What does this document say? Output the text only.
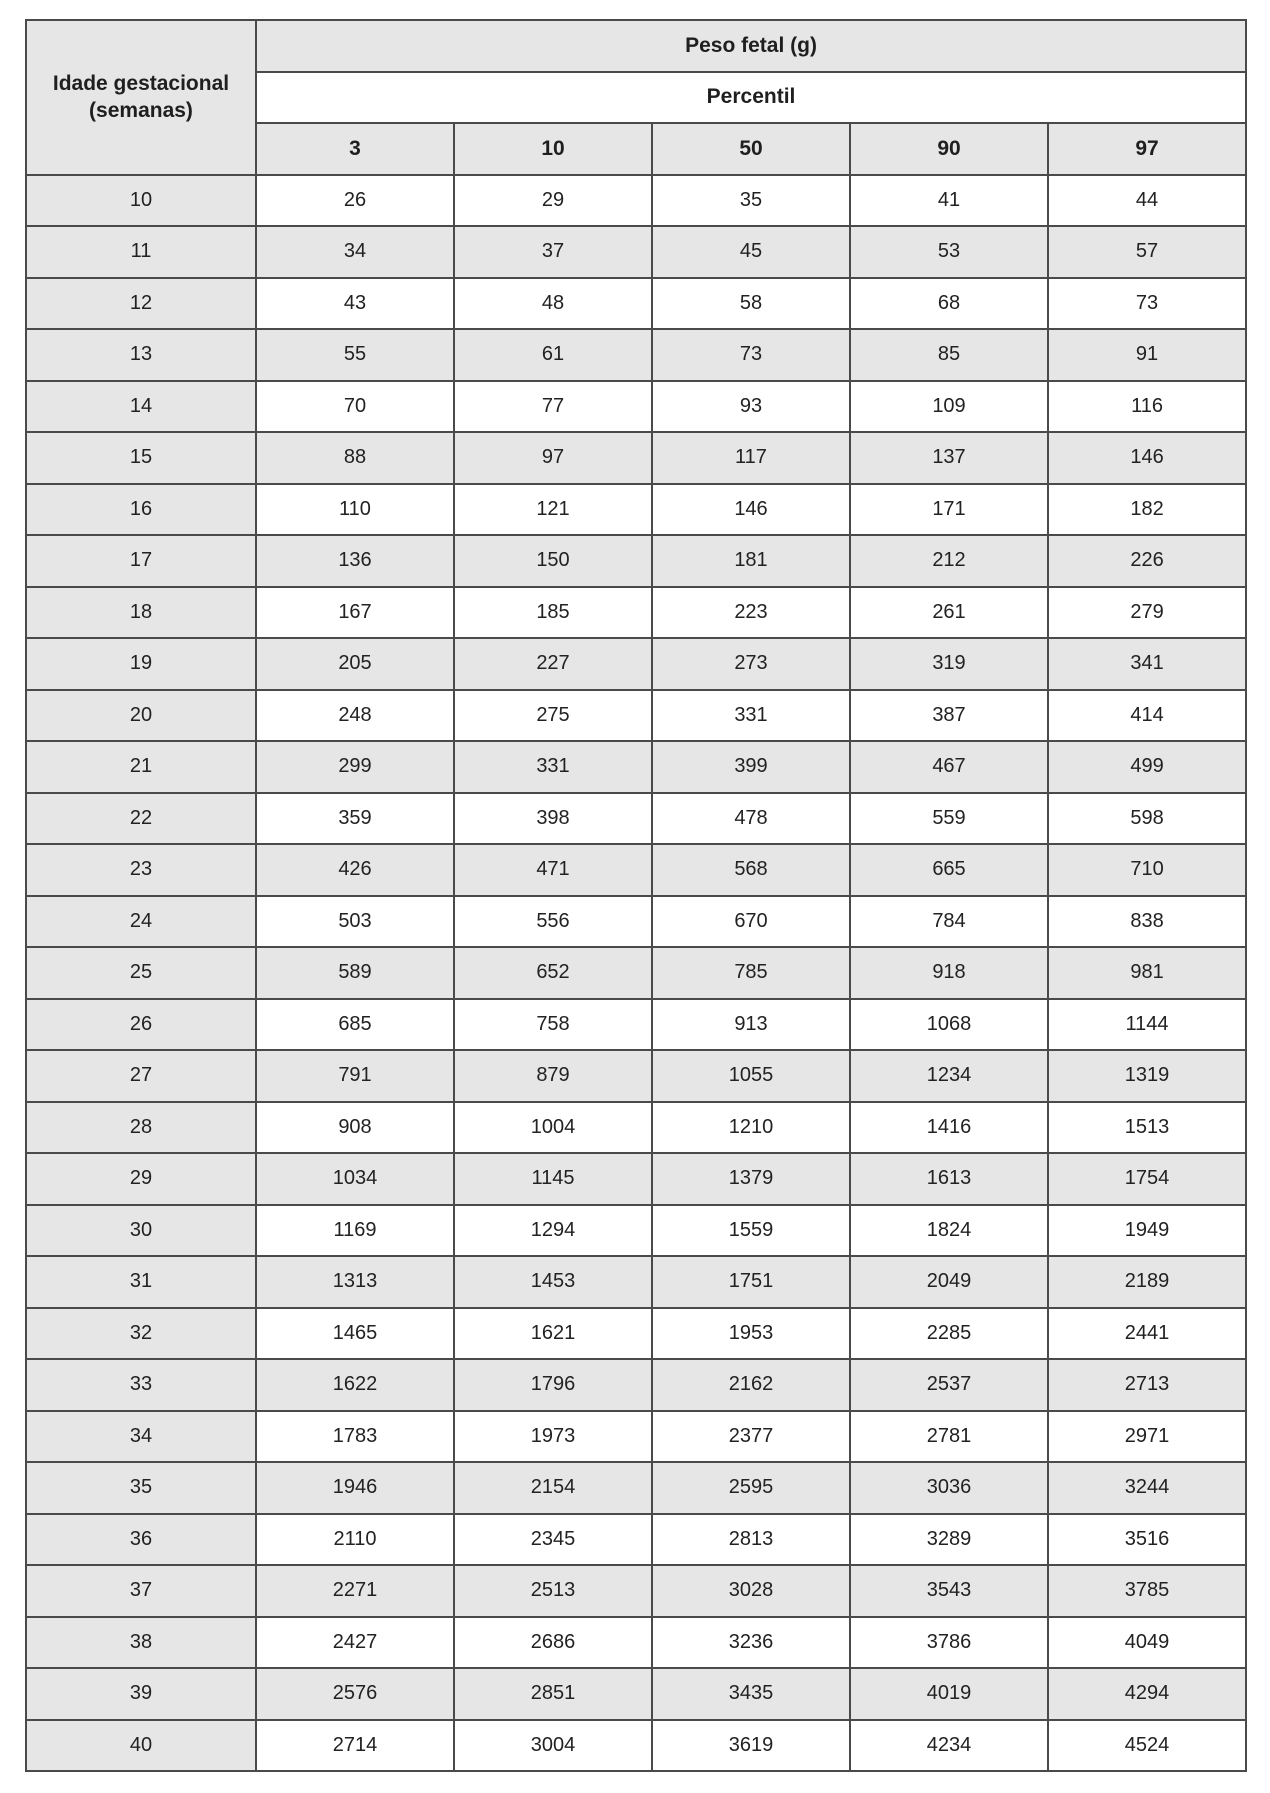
Idade gestacional
(semanas)	Peso fetal (g)				
	Percentil				
	3	10	50	90	97
10	26	29	35	41	44
11	34	37	45	53	57
12	43	48	58	68	73
13	55	61	73	85	91
14	70	77	93	109	116
15	88	97	117	137	146
16	110	121	146	171	182
17	136	150	181	212	226
18	167	185	223	261	279
19	205	227	273	319	341
20	248	275	331	387	414
21	299	331	399	467	499
22	359	398	478	559	598
23	426	471	568	665	710
24	503	556	670	784	838
25	589	652	785	918	981
26	685	758	913	1068	1144
27	791	879	1055	1234	1319
28	908	1004	1210	1416	1513
29	1034	1145	1379	1613	1754
30	1169	1294	1559	1824	1949
31	1313	1453	1751	2049	2189
32	1465	1621	1953	2285	2441
33	1622	1796	2162	2537	2713
34	1783	1973	2377	2781	2971
35	1946	2154	2595	3036	3244
36	2110	2345	2813	3289	3516
37	2271	2513	3028	3543	3785
38	2427	2686	3236	3786	4049
39	2576	2851	3435	4019	4294
40	2714	3004	3619	4234	4524
